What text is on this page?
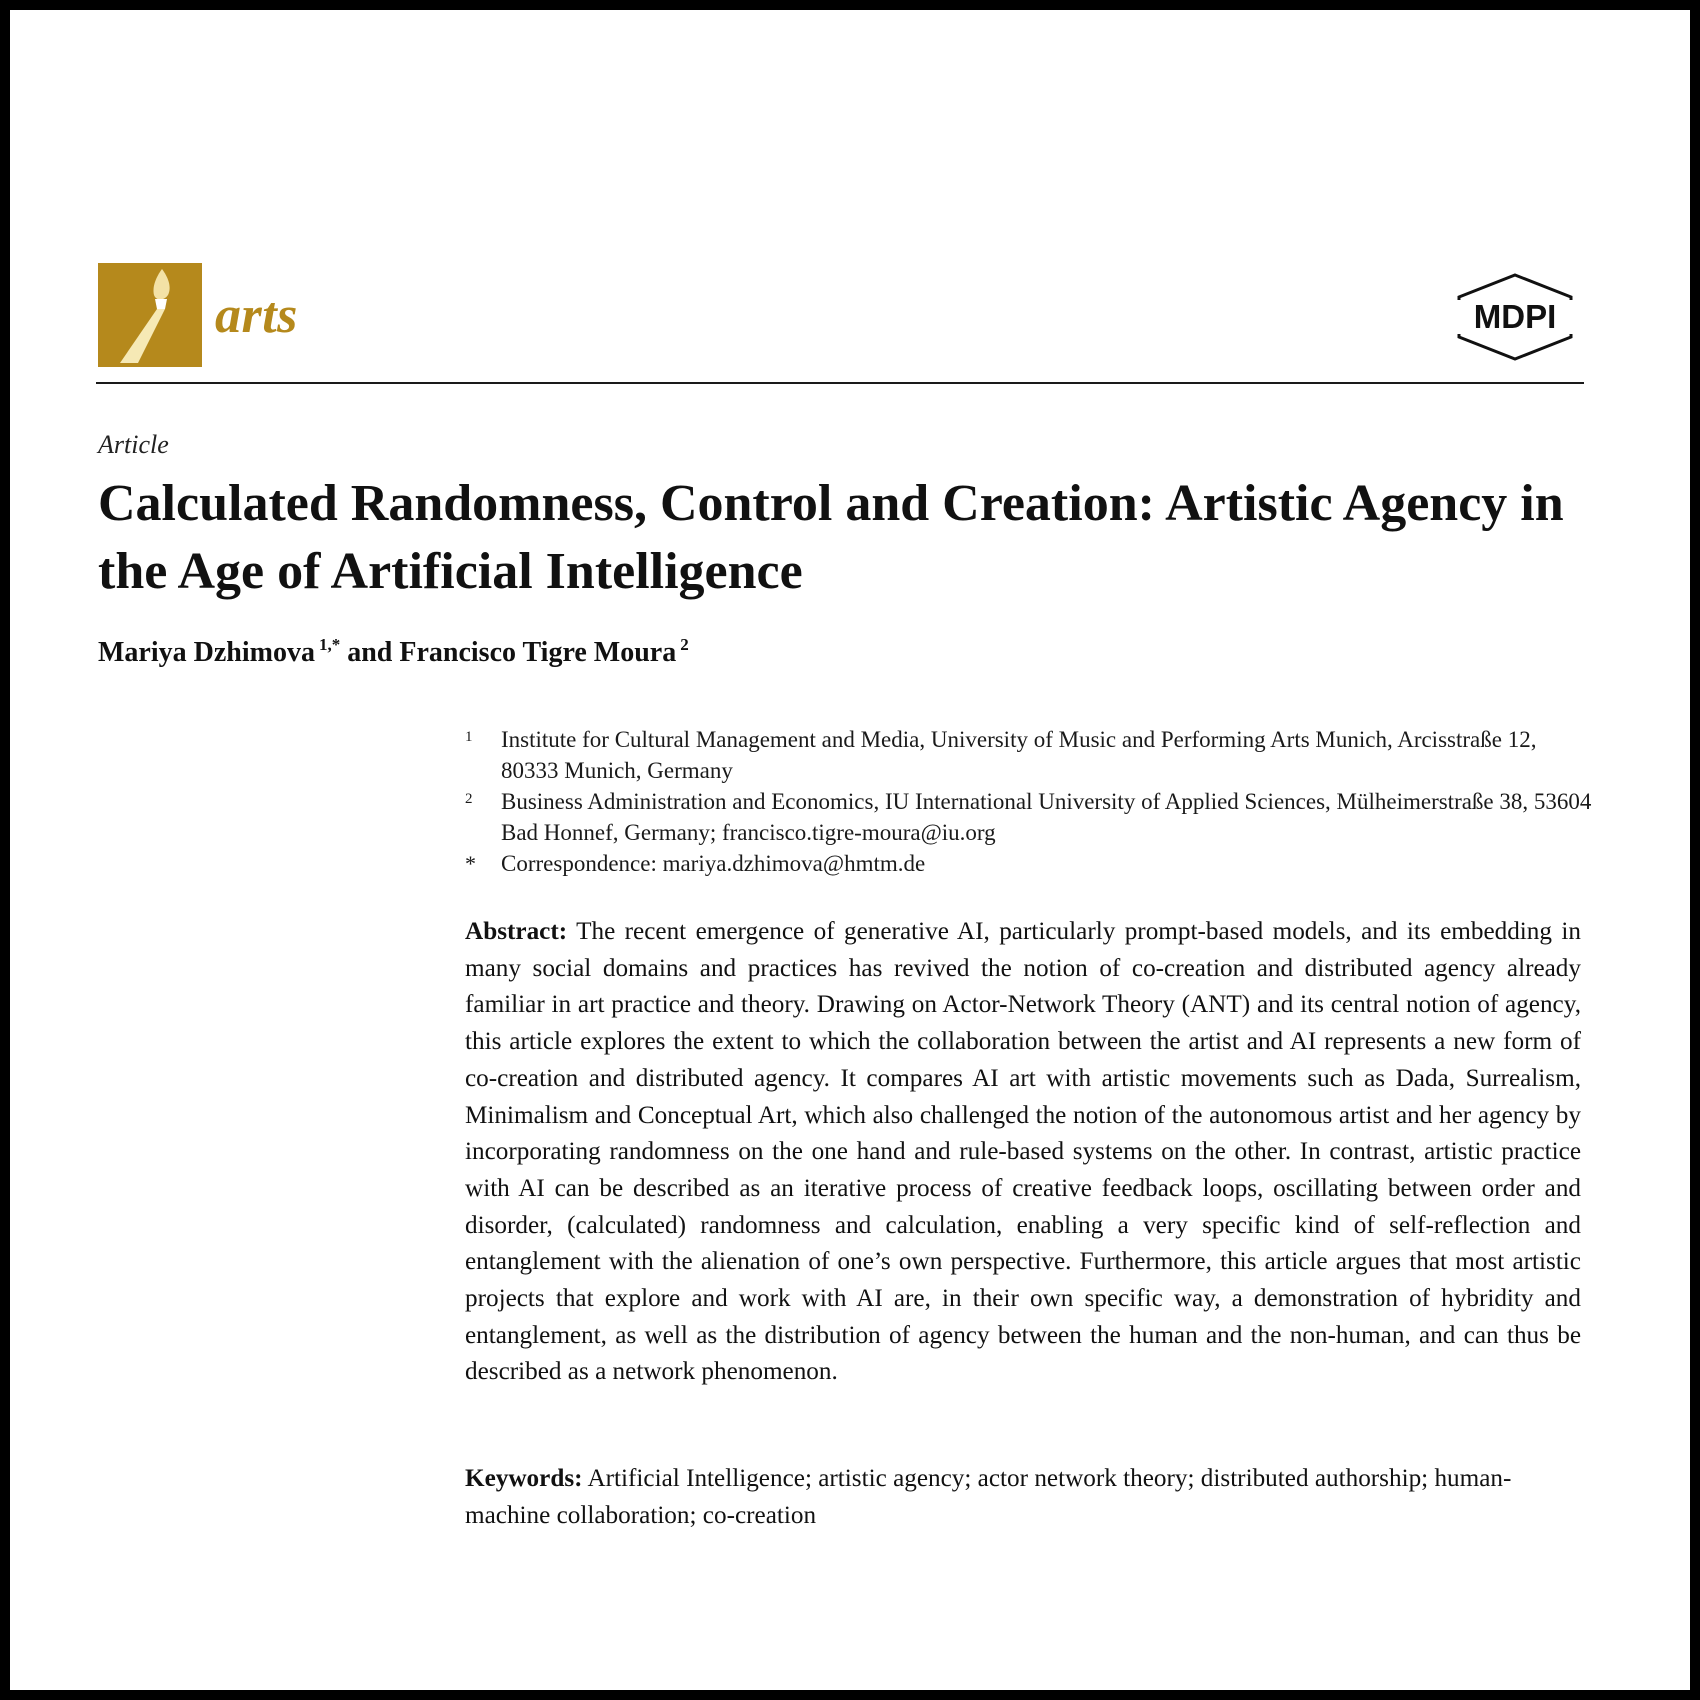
arts	MDPI
Article
Calculated Randomness, Control and Creation: Artistic Agency in the Age of Artificial Intelligence
Mariya Dzhimova $^{1,*}$ and Francisco Tigre Moura $^2$
1 Institute for Cultural Management and Media, University of Music and Performing Arts Munich, Arcisstraße 12, 80333 Munich, Germany
2 Business Administration and Economics, IU International University of Applied Sciences, Mülheimerstraße 38, 53604 Bad Honnef, Germany; francisco.tigre-moura@iu.org
* Correspondence: mariya.dzhimova@hmtm.de

Abstract: The recent emergence of generative AI, particularly prompt-based models, and its embedding in many social domains and practices has revived the notion of co-creation and distributed agency already familiar in art practice and theory. Drawing on Actor-Network Theory (ANT) and its central notion of agency, this article explores the extent to which the collaboration between the artist and AI represents a new form of co-creation and distributed agency. It compares AI art with artistic movements such as Dada, Surrealism, Minimalism and Conceptual Art, which also challenged the notion of the autonomous artist and her agency by incorporating randomness on the one hand and rule-based systems on the other. In contrast, artistic practice with AI can be described as an iterative process of creative feedback loops, oscillating between order and disorder, (calculated) randomness and calculation, enabling a very specific kind of self-reflection and entanglement with the alienation of one’s own perspective. Furthermore, this article argues that most artistic projects that explore and work with AI are, in their own specific way, a demonstration of hybridity and entanglement, as well as the distribution of agency between the human and the non-human, and can thus be described as a network phenomenon.

Keywords: Artificial Intelligence; artistic agency; actor network theory; distributed authorship; human-machine collaboration; co-creation
